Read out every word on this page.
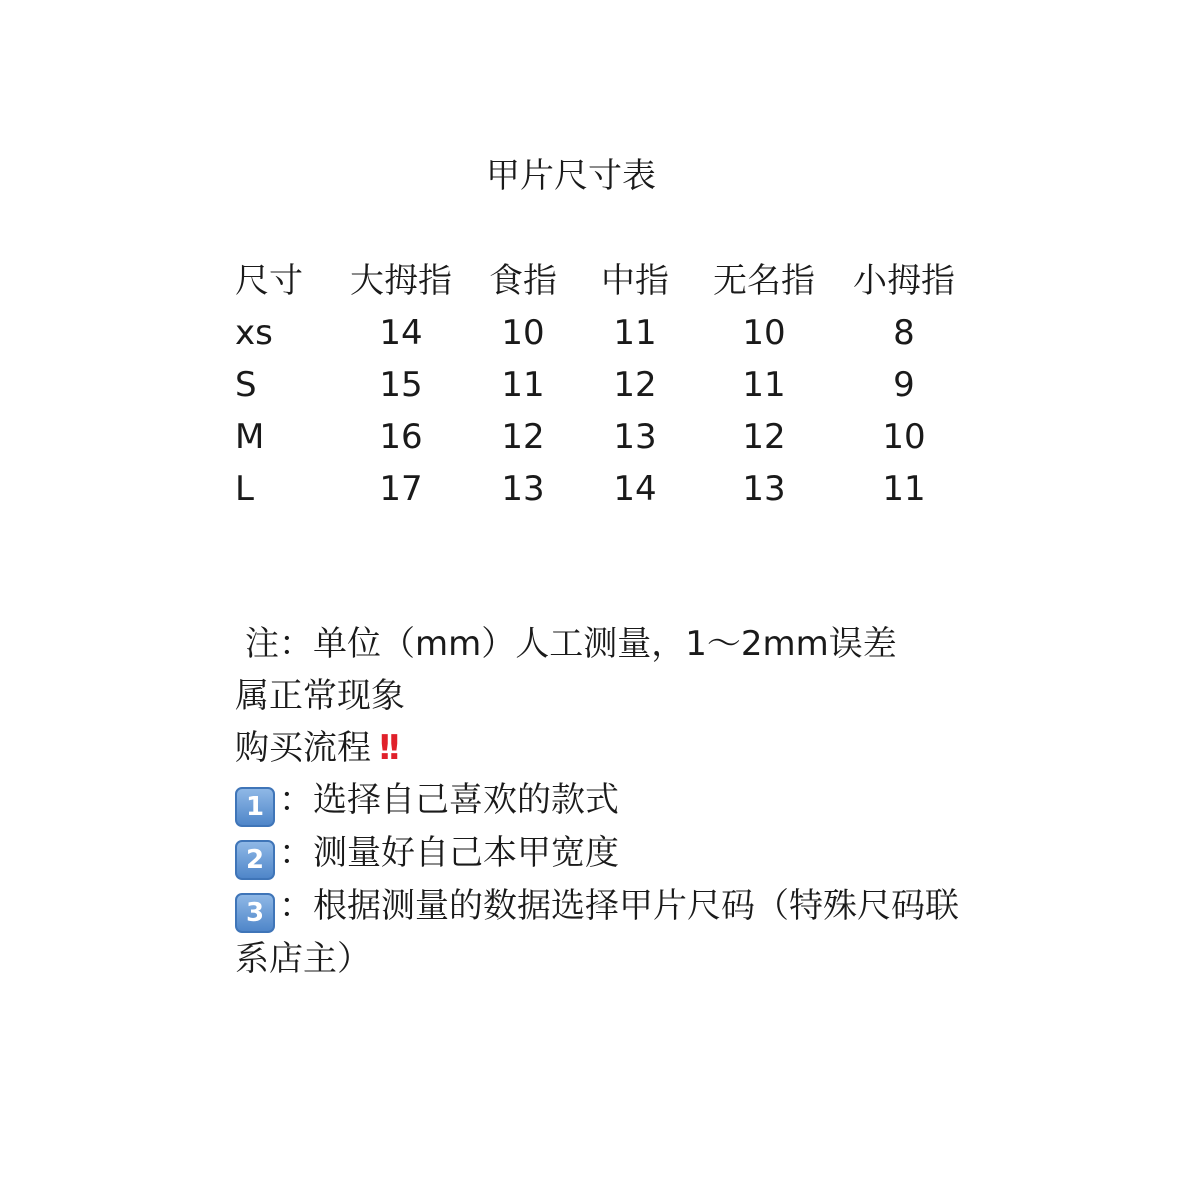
甲片尺寸表
尺寸 大拇指 食指 中指 无名指 小拇指
xs	14	10	11	10	8
S	15	11	12	11	9
M	16	12	13	12	10
L	17	13	14	13	11
注：单位（mm）人工测量，1～2mm误差
属正常现象
购买流程 !!
1 ：选择自己喜欢的款式
2 ：测量好自己本甲宽度
3 ：根据测量的数据选择甲片尺码（特殊尺码联系店主）
